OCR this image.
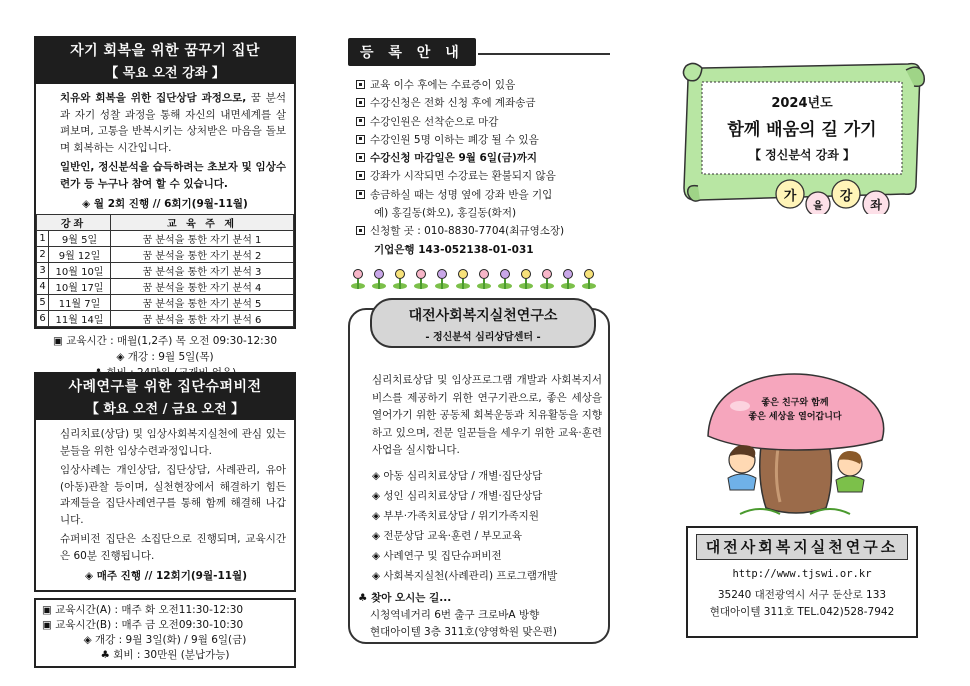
자기 회복을 위한 꿈꾸기 집단
【 목요 오전 강좌 】
치유와 회복을 위한 집단상담 과정으로, 꿈 분석과 자기 성찰 과정을 통해 자신의 내면세계를 살펴보며, 고통을 반복시키는 상처받은 마음을 돌보며 회복하는 시간입니다.
일반인, 정신분석을 습득하려는 초보자 및 임상수련가 등 누구나 참여 할 수 있습니다.
◈ 월 2회 진행 // 6회기(9월-11월)
강좌		교 육 주 제
1	9월 5일	꿈 분석을 통한 자기 분석 1
2	9월 12일	꿈 분석을 통한 자기 분석 2
3	10월 10일	꿈 분석을 통한 자기 분석 3
4	10월 17일	꿈 분석을 통한 자기 분석 4
5	11월 7일	꿈 분석을 통한 자기 분석 5
6	11월 14일	꿈 분석을 통한 자기 분석 6
▣ 교육시간 : 매월(1,2주) 목 오전 09:30-12:30
◈ 개강 : 9월 5일(목)
사례연구를 위한 집단슈퍼비전
【 화요 오전 / 금요 오전 】
심리치료(상담) 및 임상사회복지실천에 관심 있는 분들을 위한 임상수련과정입니다.
임상사례는 개인상담, 집단상담, 사례관리, 유아(아동)관찰 등이며, 실천현장에서 해결하기 힘든 과제들을 집단사례연구를 통해 함께 해결해 나갑니다.
슈퍼비전 집단은 소집단으로 진행되며, 교육시간은 60분 진행됩니다.
◈ 매주 진행 // 12회기(9월-11월)
▣ 교육시간(A) : 매주 화 오전11:30-12:30
▣ 교육시간(B) : 매주 금 오전09:30-10:30
◈ 개강 : 9월 3일(화) / 9월 6일(금)
♣ 회비 : 30만원 (분납가능)
등 록 안 내
교육 이수 후에는 수료증이 있음
수강신청은 전화 신청 후에 계좌송금
수강인원은 선착순으로 마감
수강인원 5명 이하는 폐강 될 수 있음
수강신청 마감일은 9월 6일(금)까지
강좌가 시작되면 수강료는 환불되지 않음
송금하실 때는 성명 옆에 강좌 반을 기입
예) 홍길동(화오), 홍길동(화저)
신청할 곳 : 010-8830-7704(최규영소장)
기업은행 143-052138-01-031
대전사회복지실천연구소
- 정신분석 심리상담센터 -
심리치료상담 및 임상프로그램 개발과 사회복지서비스를 제공하기 위한 연구기관으로, 좋은 세상을 열어가기 위한 공동체 회복운동과 치유활동을 지향하고 있으며, 전문 일꾼들을 세우기 위한 교육·훈련사업을 실시합니다.
◈ 아동 심리치료상담 / 개별·집단상담
◈ 성인 심리치료상담 / 개별·집단상담
◈ 부부·가족치료상담 / 위기가족지원
◈ 전문상담 교육·훈련 / 부모교육
◈ 사례연구 및 집단슈퍼비전
◈ 사회복지실천(사례관리) 프로그램개발
♣ 찾아 오시는 길...
시청역네거리 6번 출구 크로바A 방향
현대아이텔 3층 311호(양영학원 맞은편)
2024년도
함께 배움의 길 가기
【 정신분석 강좌 】
가
을
강
좌
좋은 친구와 함께
좋은 세상을 열어갑니다
대전사회복지실천연구소
http://www.tjswi.or.kr
35240 대전광역시 서구 둔산로 133
현대아이텔 311호 TEL.042)528-7942
